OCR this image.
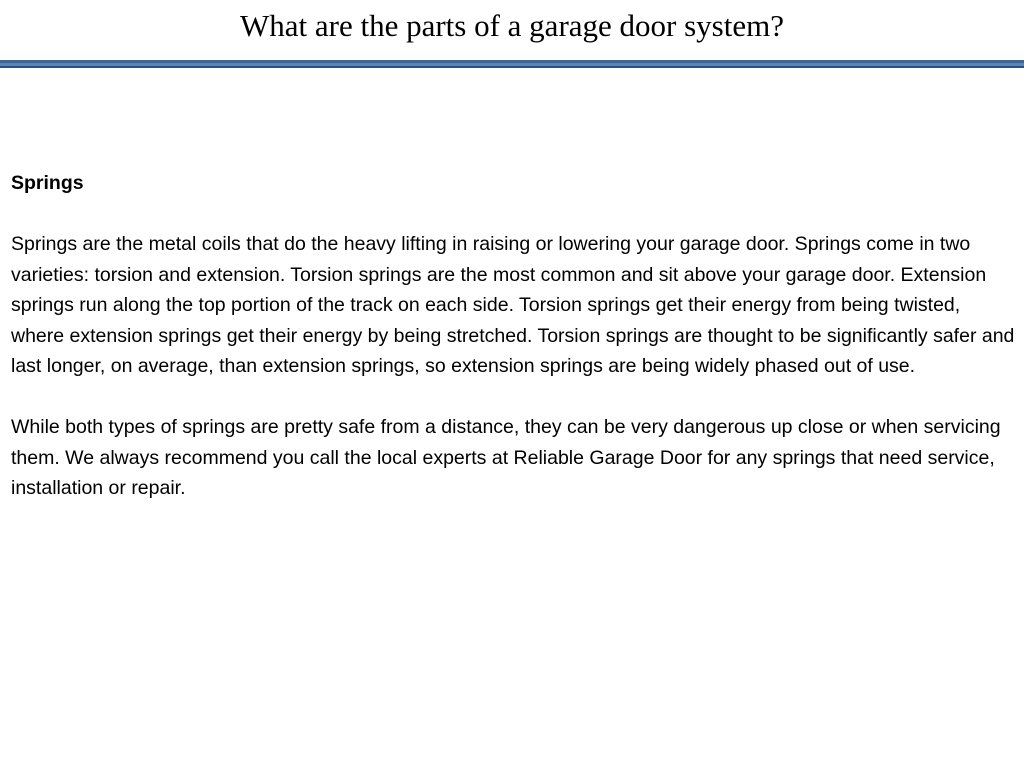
What are the parts of a garage door system?

Springs

Springs are the metal coils that do the heavy lifting in raising or lowering your garage door. Springs come in two varieties: torsion and extension. Torsion springs are the most common and sit above your garage door. Extension springs run along the top portion of the track on each side. Torsion springs get their energy from being twisted, where extension springs get their energy by being stretched. Torsion springs are thought to be significantly safer and last longer, on average, than extension springs, so extension springs are being widely phased out of use.

While both types of springs are pretty safe from a distance, they can be very dangerous up close or when servicing them. We always recommend you call the local experts at Reliable Garage Door for any springs that need service, installation or repair.
